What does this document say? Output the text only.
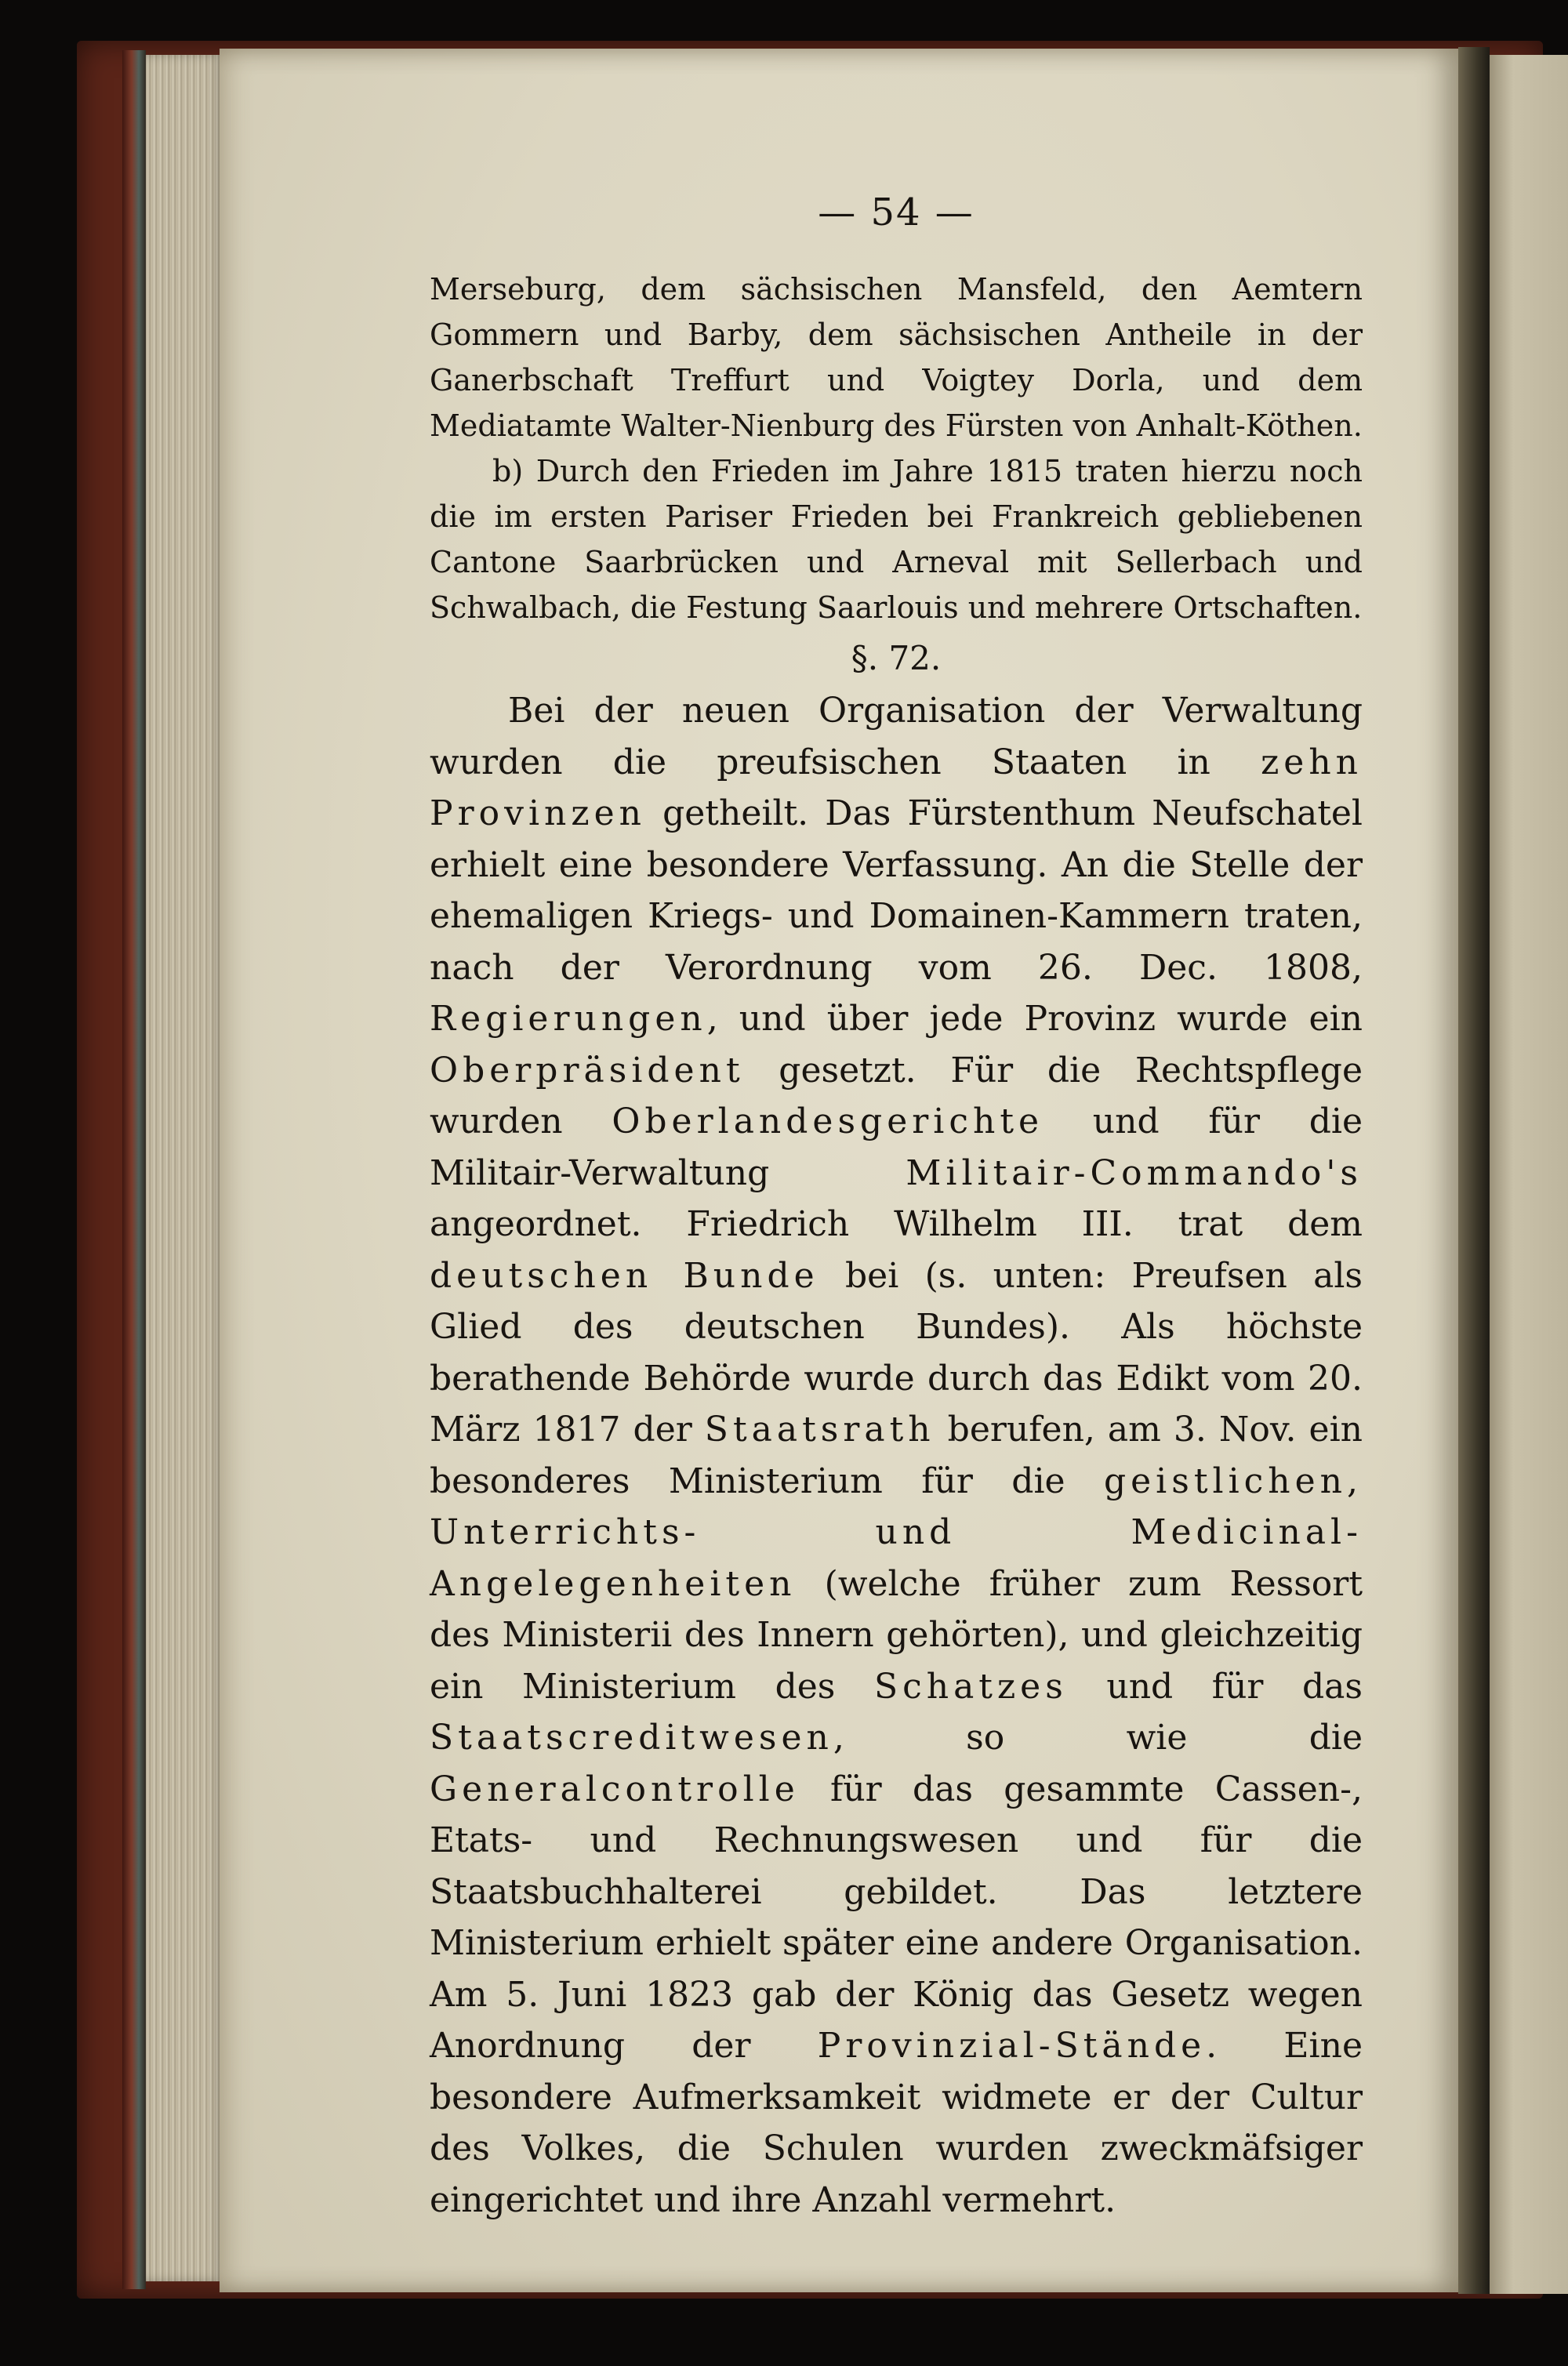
— 54 —

Merseburg, dem sächsischen Mansfeld, den Aemtern Gommern und Barby, dem sächsischen Antheile in der Ganerbschaft Treffurt und Voigtey Dorla, und dem Mediatamte Walter-Nienburg des Fürsten von Anhalt-Köthen.

b) Durch den Frieden im Jahre 1815 traten hierzu noch die im ersten Pariser Frieden bei Frankreich gebliebenen Cantone Saarbrücken und Arneval mit Sellerbach und Schwalbach, die Festung Saarlouis und mehrere Ortschaften.

§. 72.

Bei der neuen Organisation der Verwaltung wurden die preufsischen Staaten in zehn Provinzen getheilt. Das Fürstenthum Neufschatel erhielt eine besondere Verfassung. An die Stelle der ehemaligen Kriegs- und Domainen-Kammern traten, nach der Verordnung vom 26. Dec. 1808, Regierungen, und über jede Provinz wurde ein Oberpräsident gesetzt. Für die Rechtspflege wurden Oberlandesgerichte und für die Militair-Verwaltung Militair-Commando's angeordnet. Friedrich Wilhelm III. trat dem deutschen Bunde bei (s. unten: Preufsen als Glied des deutschen Bundes). Als höchste berathende Behörde wurde durch das Edikt vom 20. März 1817 der Staatsrath berufen, am 3. Nov. ein besonderes Ministerium für die geistlichen, Unterrichts- und Medicinal-Angelegenheiten (welche früher zum Ressort des Ministerii des Innern gehörten), und gleichzeitig ein Ministerium des Schatzes und für das Staatscreditwesen, so wie die Generalcontrolle für das gesammte Cassen-, Etats- und Rechnungswesen und für die Staatsbuchhalterei gebildet. Das letztere Ministerium erhielt später eine andere Organisation. Am 5. Juni 1823 gab der König das Gesetz wegen Anordnung der Provinzial-Stände. Eine besondere Aufmerksamkeit widmete er der Cultur des Volkes, die Schulen wurden zweckmäfsiger eingerichtet und ihre Anzahl vermehrt.
